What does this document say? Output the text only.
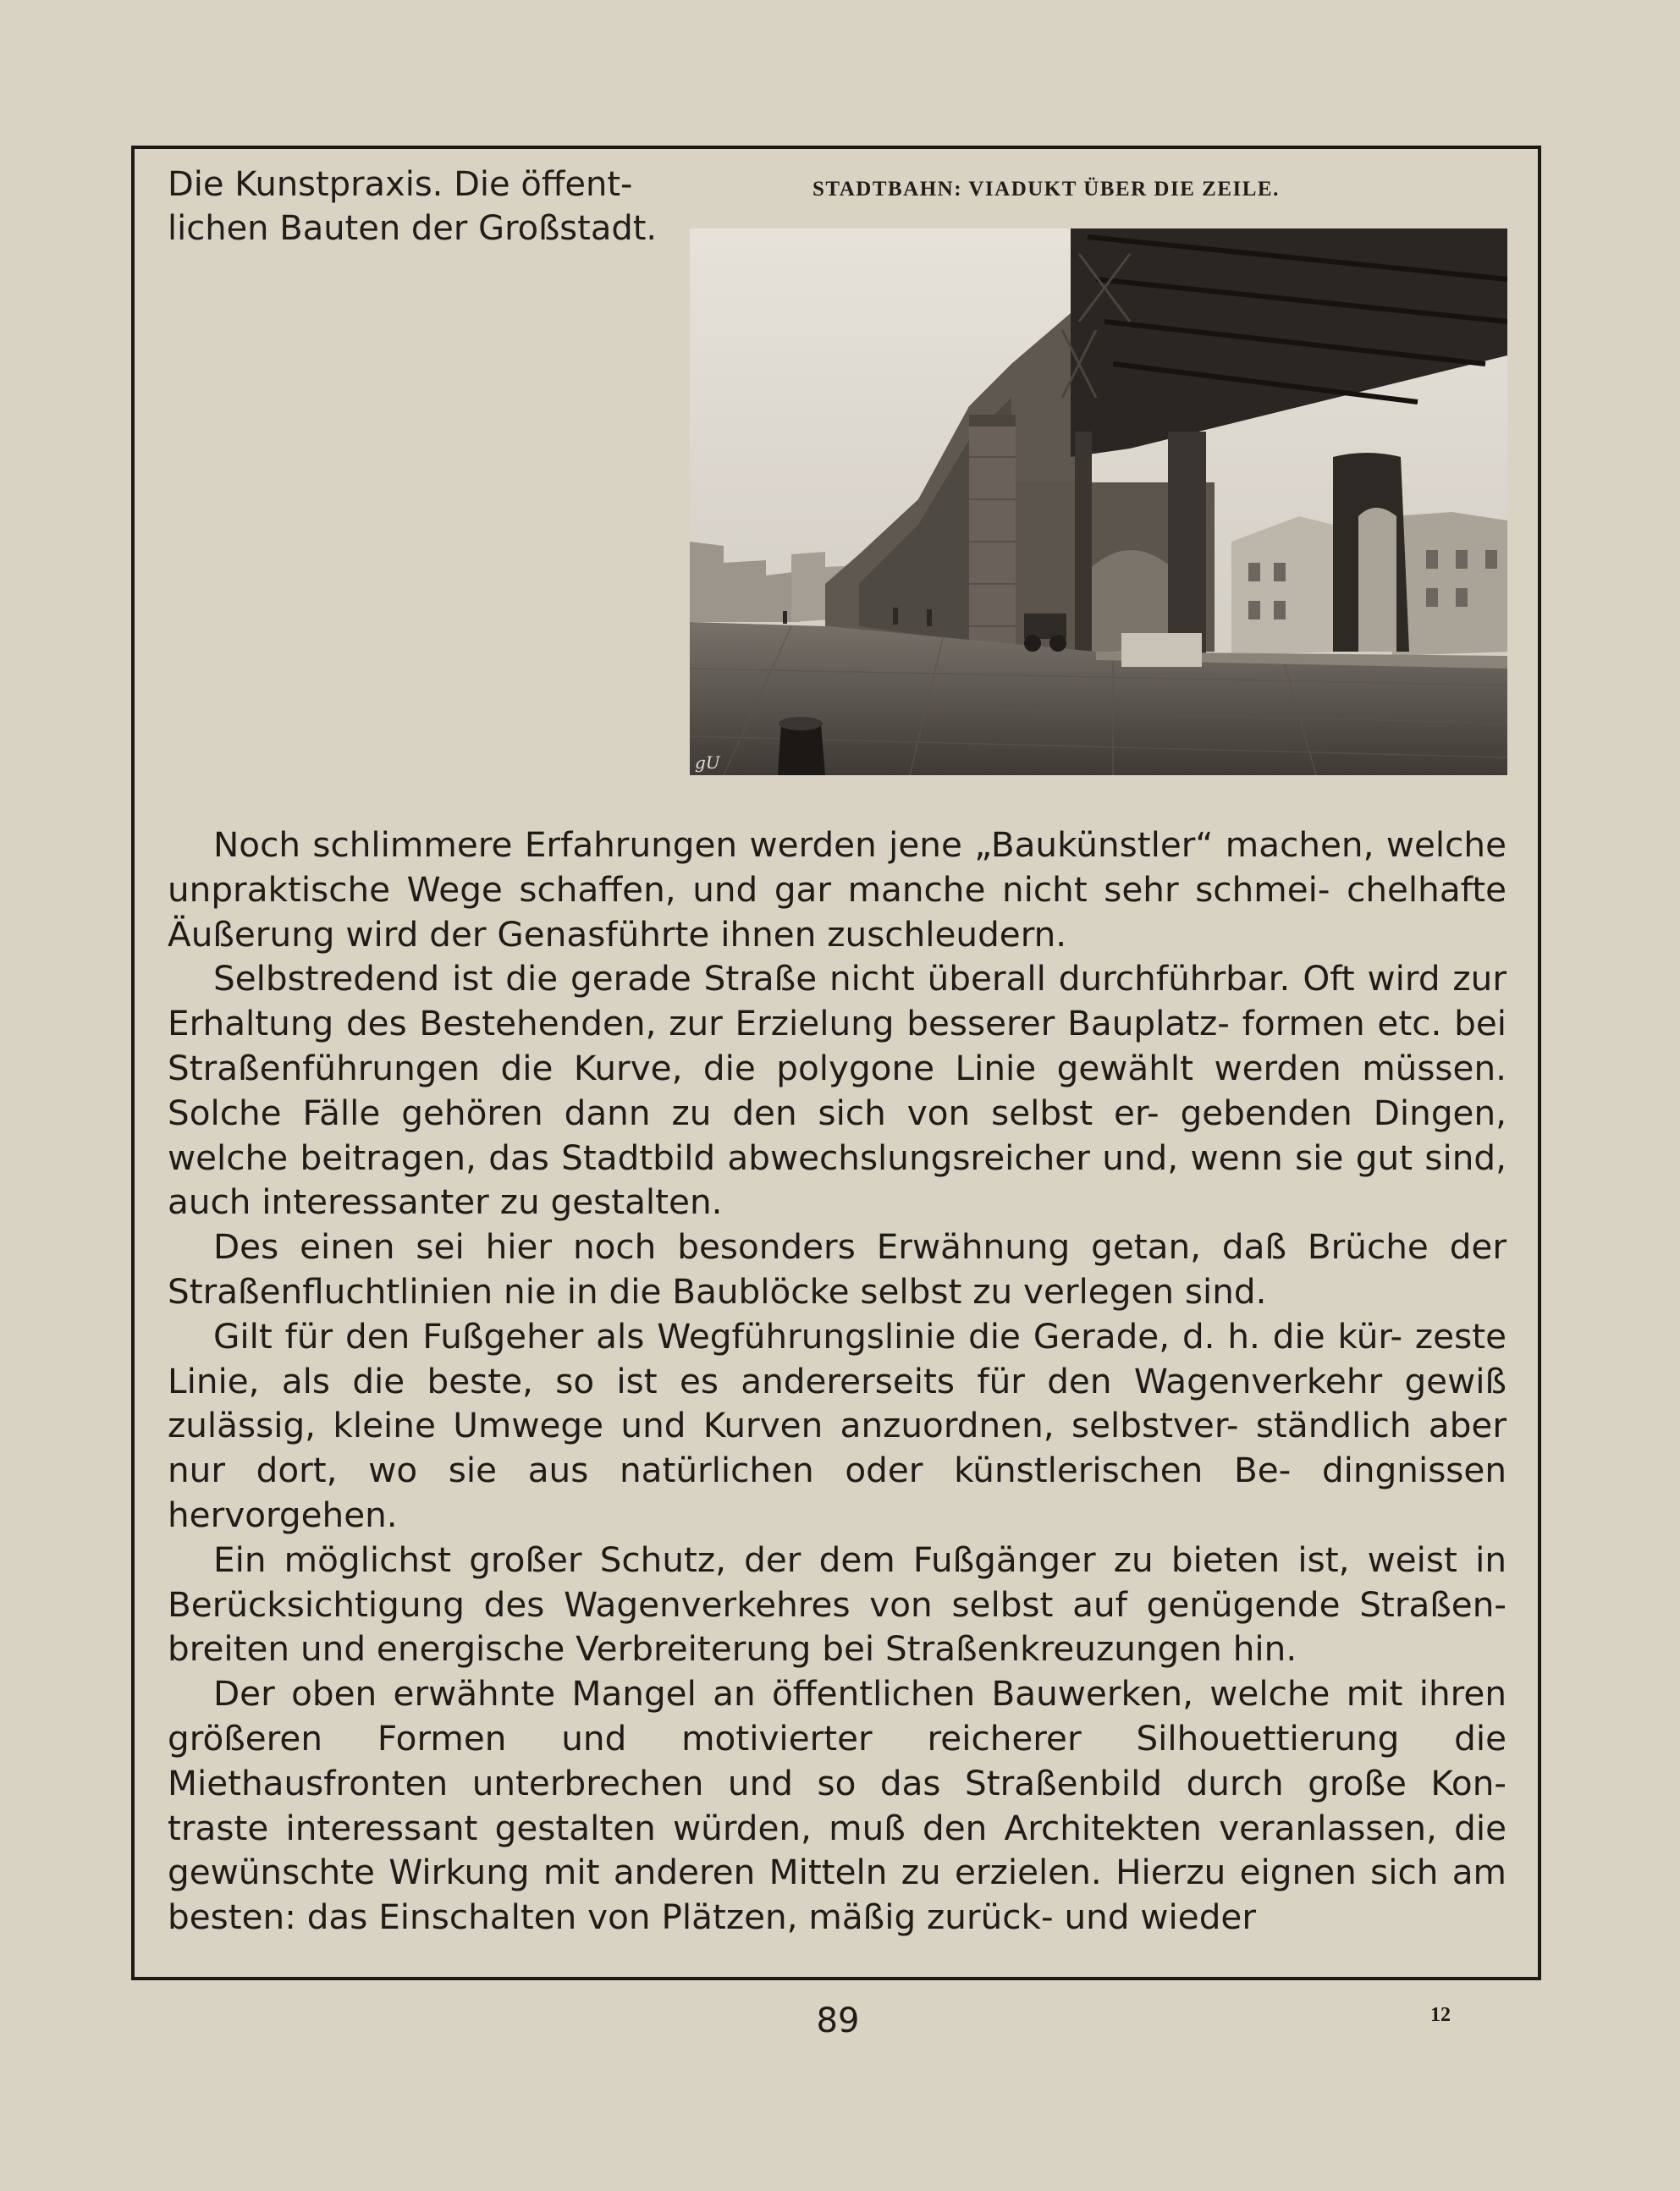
Die Kunstpraxis. Die öffent- lichen Bauten der Großstadt.
STADTBAHN: VIADUKT ÜBER DIE ZEILE.
gU

Noch schlimmere Erfahrungen werden jene „Baukünstler“ machen, welche unpraktische Wege schaffen, und gar manche nicht sehr schmei- chelhafte Äußerung wird der Genasführte ihnen zuschleudern.

Selbstredend ist die gerade Straße nicht überall durchführbar. Oft wird zur Erhaltung des Bestehenden, zur Erzielung besserer Bauplatz- formen etc. bei Straßenführungen die Kurve, die polygone Linie gewählt werden müssen. Solche Fälle gehören dann zu den sich von selbst er- gebenden Dingen, welche beitragen, das Stadtbild abwechslungsreicher und, wenn sie gut sind, auch interessanter zu gestalten.

Des einen sei hier noch besonders Erwähnung getan, daß Brüche der Straßenfluchtlinien nie in die Baublöcke selbst zu verlegen sind.

Gilt für den Fußgeher als Wegführungslinie die Gerade, d. h. die kür- zeste Linie, als die beste, so ist es andererseits für den Wagenverkehr gewiß zulässig, kleine Umwege und Kurven anzuordnen, selbstver- ständlich aber nur dort, wo sie aus natürlichen oder künstlerischen Be- dingnissen hervorgehen.

Ein möglichst großer Schutz, der dem Fußgänger zu bieten ist, weist in Berücksichtigung des Wagenverkehres von selbst auf genügende Straßen- breiten und energische Verbreiterung bei Straßenkreuzungen hin.

Der oben erwähnte Mangel an öffentlichen Bauwerken, welche mit ihren größeren Formen und motivierter reicherer Silhouettierung die Miethausfronten unterbrechen und so das Straßenbild durch große Kon- traste interessant gestalten würden, muß den Architekten veranlassen, die gewünschte Wirkung mit anderen Mitteln zu erzielen. Hierzu eignen sich am besten: das Einschalten von Plätzen, mäßig zurück- und wieder

89	12
